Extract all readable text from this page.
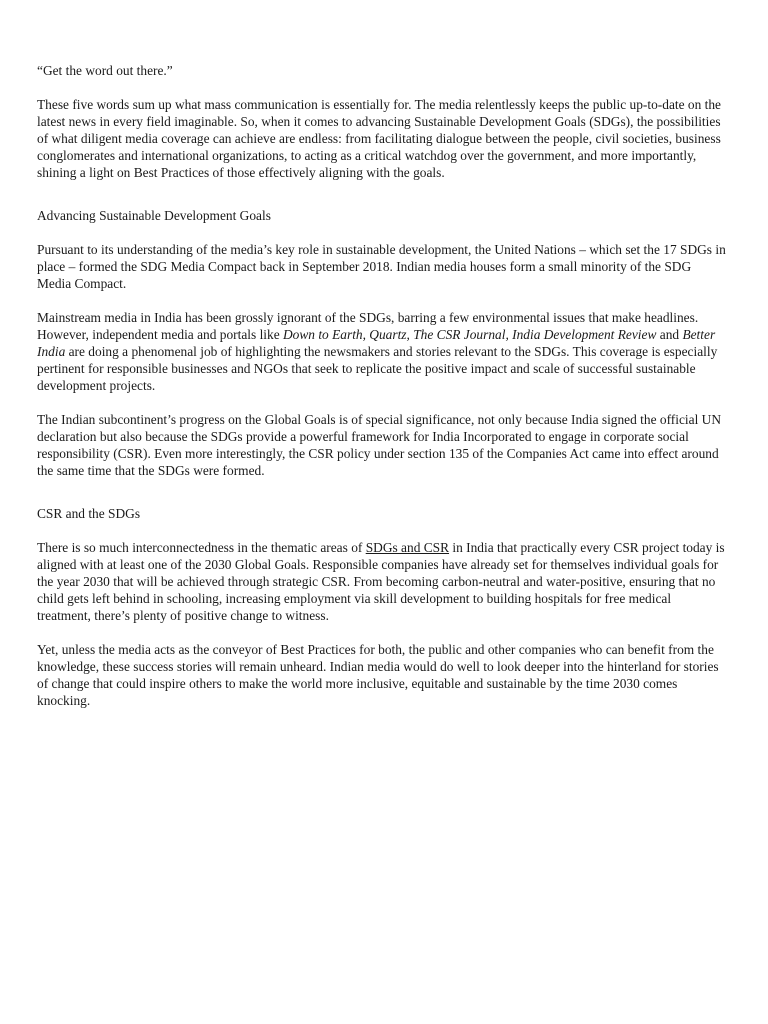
“Get the word out there.”

These five words sum up what mass communication is essentially for. The media relentlessly keeps the public up-to-date on the latest news in every field imaginable. So, when it comes to advancing Sustainable Development Goals (SDGs), the possibilities of what diligent media coverage can achieve are endless: from facilitating dialogue between the people, civil societies, business conglomerates and international organizations, to acting as a critical watchdog over the government, and more importantly, shining a light on Best Practices of those effectively aligning with the goals.

Advancing Sustainable Development Goals

Pursuant to its understanding of the media’s key role in sustainable development, the United Nations – which set the 17 SDGs in place – formed the SDG Media Compact back in September 2018. Indian media houses form a small minority of the SDG Media Compact.

Mainstream media in India has been grossly ignorant of the SDGs, barring a few environmental issues that make headlines. However, independent media and portals like Down to Earth, Quartz, The CSR Journal, India Development Review and Better India are doing a phenomenal job of highlighting the newsmakers and stories relevant to the SDGs. This coverage is especially pertinent for responsible businesses and NGOs that seek to replicate the positive impact and scale of successful sustainable development projects.

The Indian subcontinent’s progress on the Global Goals is of special significance, not only because India signed the official UN declaration but also because the SDGs provide a powerful framework for India Incorporated to engage in corporate social responsibility (CSR). Even more interestingly, the CSR policy under section 135 of the Companies Act came into effect around the same time that the SDGs were formed.

CSR and the SDGs

There is so much interconnectedness in the thematic areas of SDGs and CSR in India that practically every CSR project today is aligned with at least one of the 2030 Global Goals. Responsible companies have already set for themselves individual goals for the year 2030 that will be achieved through strategic CSR. From becoming carbon-neutral and water-positive, ensuring that no child gets left behind in schooling, increasing employment via skill development to building hospitals for free medical treatment, there’s plenty of positive change to witness.

Yet, unless the media acts as the conveyor of Best Practices for both, the public and other companies who can benefit from the knowledge, these success stories will remain unheard. Indian media would do well to look deeper into the hinterland for stories of change that could inspire others to make the world more inclusive, equitable and sustainable by the time 2030 comes knocking.
